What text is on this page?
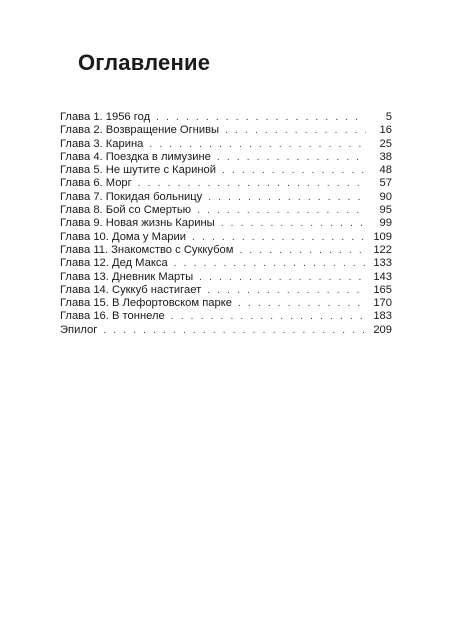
Оглавление
Глава 1. 1956 год . . .	5
Глава 2. Возвращение Огнивы . . .	16
Глава 3. Карина . . .	25
Глава 4. Поездка в лимузине . . .	38
Глава 5. Не шутите с Кариной . . .	48
Глава 6. Морг . . .	57
Глава 7. Покидая больницу . . .	90
Глава 8. Бой со Смертью . . .	95
Глава 9. Новая жизнь Карины . . .	99
Глава 10. Дома у Марии . . .	109
Глава 11. Знакомство с Суккубом . . .	122
Глава 12. Дед Макса . . .	133
Глава 13. Дневник Марты . . .	143
Глава 14. Суккуб настигает . . .	165
Глава 15. В Лефортовском парке . . .	170
Глава 16. В тоннеле . . .	183
Эпилог . . .	209
